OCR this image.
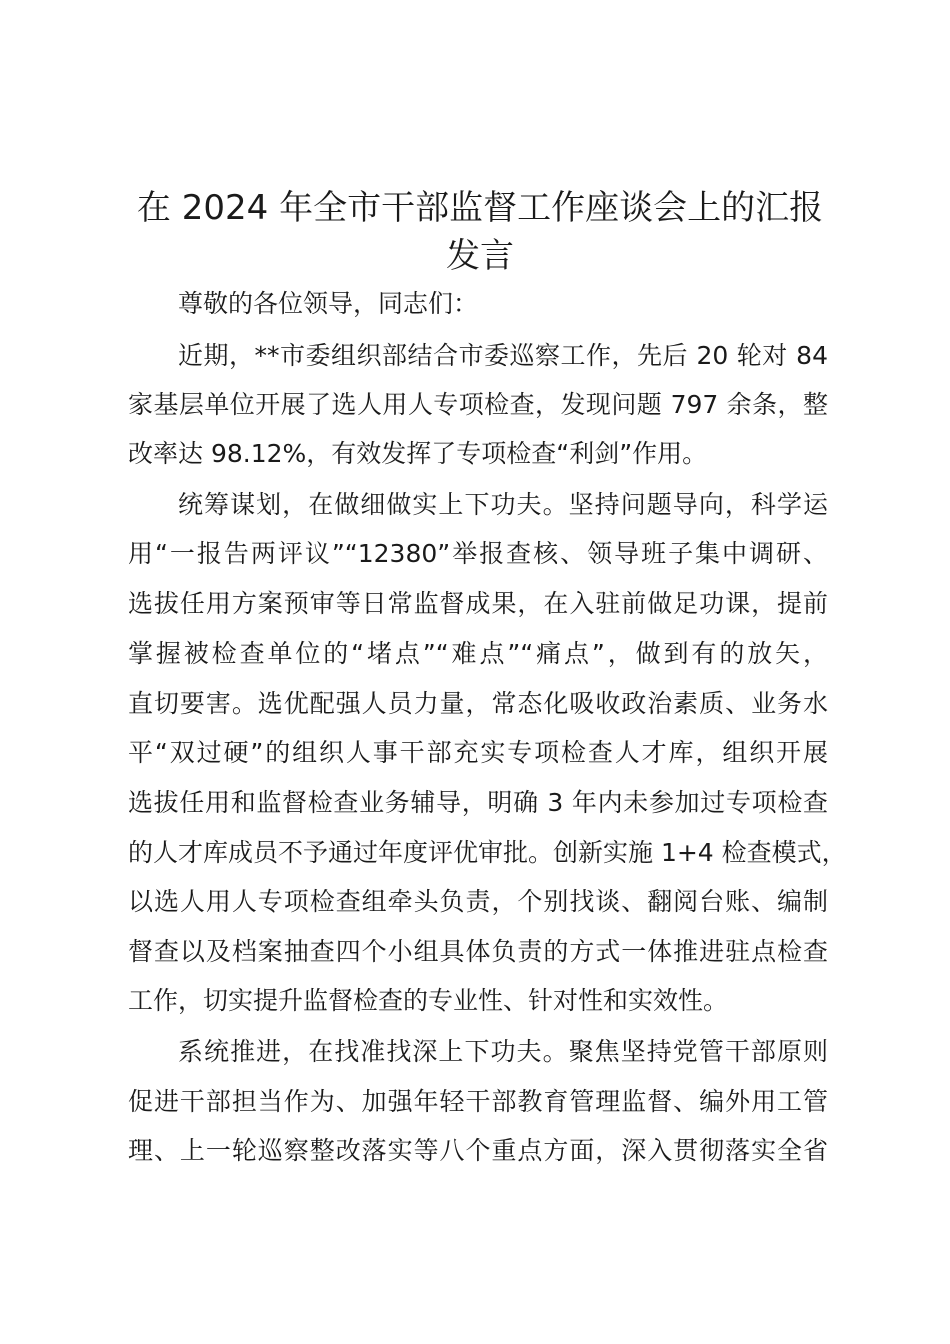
在 2024 年全市干部监督工作座谈会上的汇报
发言
尊敬的各位领导，同志们：
近期，**市委组织部结合市委巡察工作，先后 20 轮对 84
家基层单位开展了选人用人专项检查，发现问题 797 余条，整
改率达 98.12%，有效发挥了专项检查“利剑”作用。
统筹谋划，在做细做实上下功夫。坚持问题导向，科学运
用“一报告两评议”“12380”举报查核、领导班子集中调研、
选拔任用方案预审等日常监督成果，在入驻前做足功课，提前
掌握被检查单位的“堵点”“难点”“痛点”，做到有的放矢，
直切要害。选优配强人员力量，常态化吸收政治素质、业务水
平“双过硬”的组织人事干部充实专项检查人才库，组织开展
选拔任用和监督检查业务辅导，明确 3 年内未参加过专项检查
的人才库成员不予通过年度评优审批。创新实施 1+4 检查模式，
以选人用人专项检查组牵头负责，个别找谈、翻阅台账、编制
督查以及档案抽查四个小组具体负责的方式一体推进驻点检查
工作，切实提升监督检查的专业性、针对性和实效性。
系统推进，在找准找深上下功夫。聚焦坚持党管干部原则
促进干部担当作为、加强年轻干部教育管理监督、编外用工管
理、上一轮巡察整改落实等八个重点方面，深入贯彻落实全省
